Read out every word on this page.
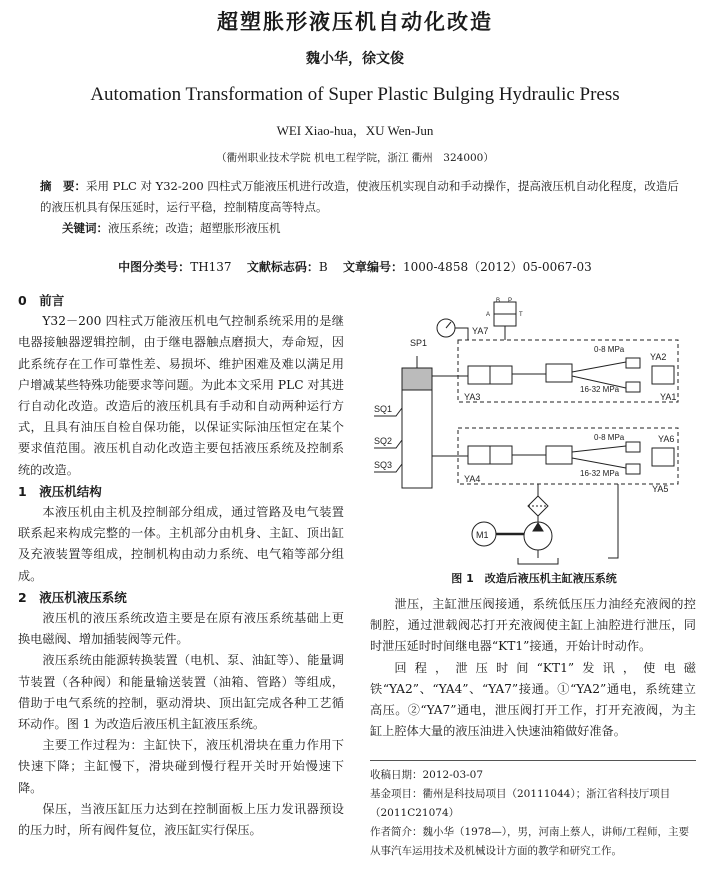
超塑胀形液压机自动化改造
魏小华，徐文俊
Automation Transformation of Super Plastic Bulging Hydraulic Press
WEI Xiao-hua，XU Wen-Jun
（衢州职业技术学院 机电工程学院，浙江 衢州　324000）
摘　要：采用 PLC 对 Y32-200 四柱式万能液压机进行改造，使液压机实现自动和手动操作，提高液压机自动化程度，改造后的液压机具有保压延时，运行平稳，控制精度高等特点。
关键词：液压系统；改造；超塑胀形液压机
中图分类号：TH137 文献标志码：B 文章编号：1000-4858（2012）05-0067-03
0　前言

Y32－200 四柱式万能液压机电气控制系统采用的是继电器接触器逻辑控制，由于继电器触点磨损大，寿命短，因此系统存在工作可靠性差、易损坏、维护困难及难以满足用户增减某些特殊功能要求等问题。为此本文采用 PLC 对其进行自动化改造。改造后的液压机具有手动和自动两种运行方式，且具有油压自检自保功能，以保证实际油压恒定在某个要求值范围。液压机自动化改造主要包括液压系统及控制系统的改造。

1　液压机结构

本液压机由主机及控制部分组成，通过管路及电气装置联系起来构成完整的一体。主机部分由机身、主缸、顶出缸及充液装置等组成，控制机构由动力系统、电气箱等部分组成。

2　液压机液压系统

液压机的液压系统改造主要是在原有液压系统基础上更换电磁阀、增加插装阀等元件。

液压系统由能源转换装置（电机、泵、油缸等）、能量调节装置（各种阀）和能量输送装置（油箱、管路）等组成，借助于电气系统的控制，驱动滑块、顶出缸完成各种工艺循环动作。图 1 为改造后液压机主缸液压系统。

主要工作过程为：主缸快下，液压机滑块在重力作用下快速下降；主缸慢下，滑块碰到慢行程开关时开始慢速下降。

保压，当液压缸压力达到在控制面板上压力发讯器预设的压力时，所有阀件复位，液压缸实行保压。

B P
A	T
YA7
SP1
SQ1
SQ2
SQ3
YA3
0-8 MPa
16-32 MPa
YA2
YA1
YA4
0-8 MPa
16-32 MPa
YA6
YA5
M1
图 1　改造后液压机主缸液压系统

泄压，主缸泄压阀接通，系统低压压力油经充液阀的控制腔，通过泄载阀芯打开充液阀使主缸上油腔进行泄压，同时泄压延时时间继电器“KT1”接通，开始计时动作。

回程，泄压时间“KT1”发讯，使电磁铁“YA2”、“YA4”、“YA7”接通。①“YA2”通电，系统建立高压。②“YA7”通电，泄压阀打开工作，打开充液阀，为主缸上腔体大量的液压油进入快速油箱做好准备。

收稿日期：2012-03-07

基金项目：衢州是科技局项目（20111044）；浙江省科技厅项目（2011C21074）

作者简介：魏小华（1978—），男，河南上蔡人，讲师/工程师，主要从事汽车运用技术及机械设计方面的教学和研究工作。
